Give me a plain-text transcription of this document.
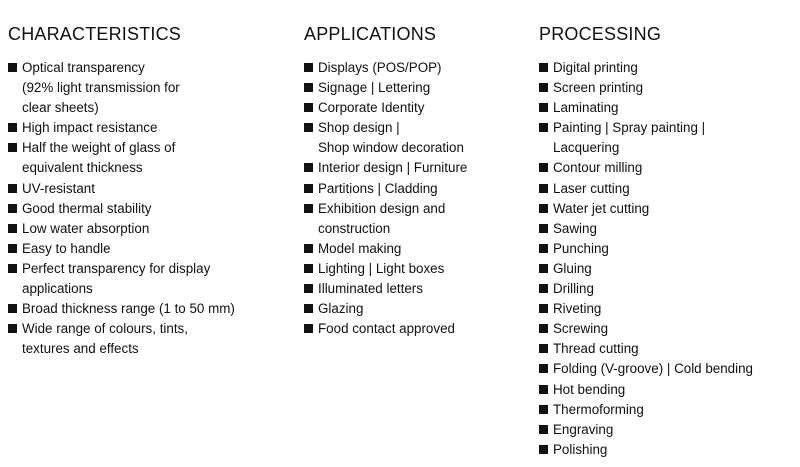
CHARACTERISTICS
Optical transparency
(92% light transmission for
clear sheets)
High impact resistance
Half the weight of glass of
equivalent thickness
UV-resistant
Good thermal stability
Low water absorption
Easy to handle
Perfect transparency for display
applications
Broad thickness range (1 to 50 mm)
Wide range of colours, tints,
textures and effects
APPLICATIONS
Displays (POS/POP)
Signage | Lettering
Corporate Identity
Shop design |
Shop window decoration
Interior design | Furniture
Partitions | Cladding
Exhibition design and
construction
Model making
Lighting | Light boxes
Illuminated letters
Glazing
Food contact approved
PROCESSING
Digital printing
Screen printing
Laminating
Painting | Spray painting |
Lacquering
Contour milling
Laser cutting
Water jet cutting
Sawing
Punching
Gluing
Drilling
Riveting
Screwing
Thread cutting
Folding (V-groove) | Cold bending
Hot bending
Thermoforming
Engraving
Polishing
